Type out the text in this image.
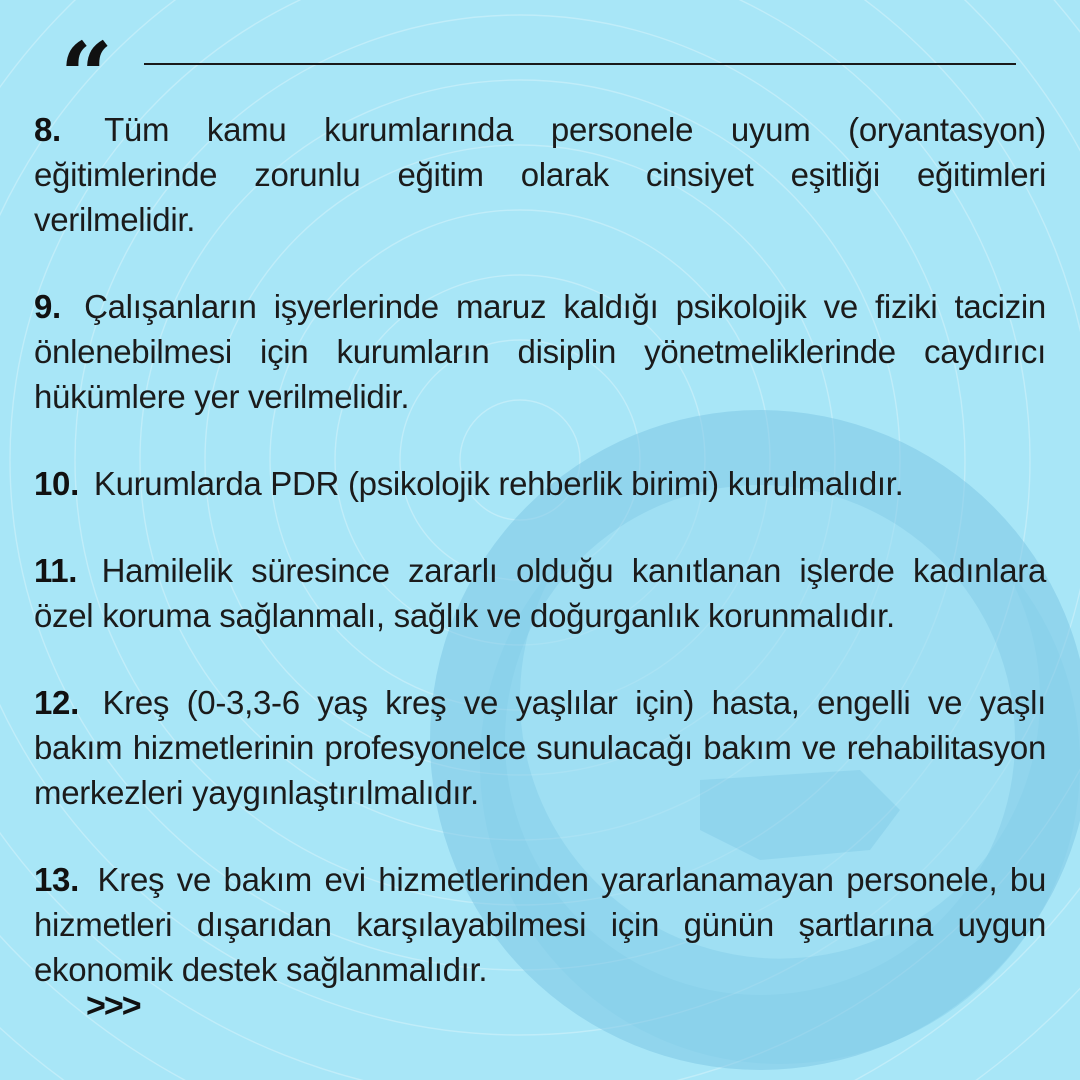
“

8. Tüm kamu kurumlarında personele uyum (oryantasyon) eğitimlerinde zorunlu eğitim olarak cinsiyet eşitliği eğitimleri verilmelidir.

9. Çalışanların işyerlerinde maruz kaldığı psikolojik ve fiziki tacizin önlenebilmesi için kurumların disiplin yönetmeliklerinde caydırıcı hükümlere yer verilmelidir.

10. Kurumlarda PDR (psikolojik rehberlik birimi) kurulmalıdır.

11. Hamilelik süresince zararlı olduğu kanıtlanan işlerde kadınlara özel koruma sağlanmalı, sağlık ve doğurganlık korunmalıdır.

12. Kreş (0-3,3-6 yaş kreş ve yaşlılar için) hasta, engelli ve yaşlı bakım hizmetlerinin profesyonelce sunulacağı bakım ve rehabilitasyon merkezleri yaygınlaştırılmalıdır.

13. Kreş ve bakım evi hizmetlerinden yararlanamayan personele, bu hizmetleri dışarıdan karşılayabilmesi için günün şartlarına uygun ekonomik destek sağlanmalıdır.

>>>
